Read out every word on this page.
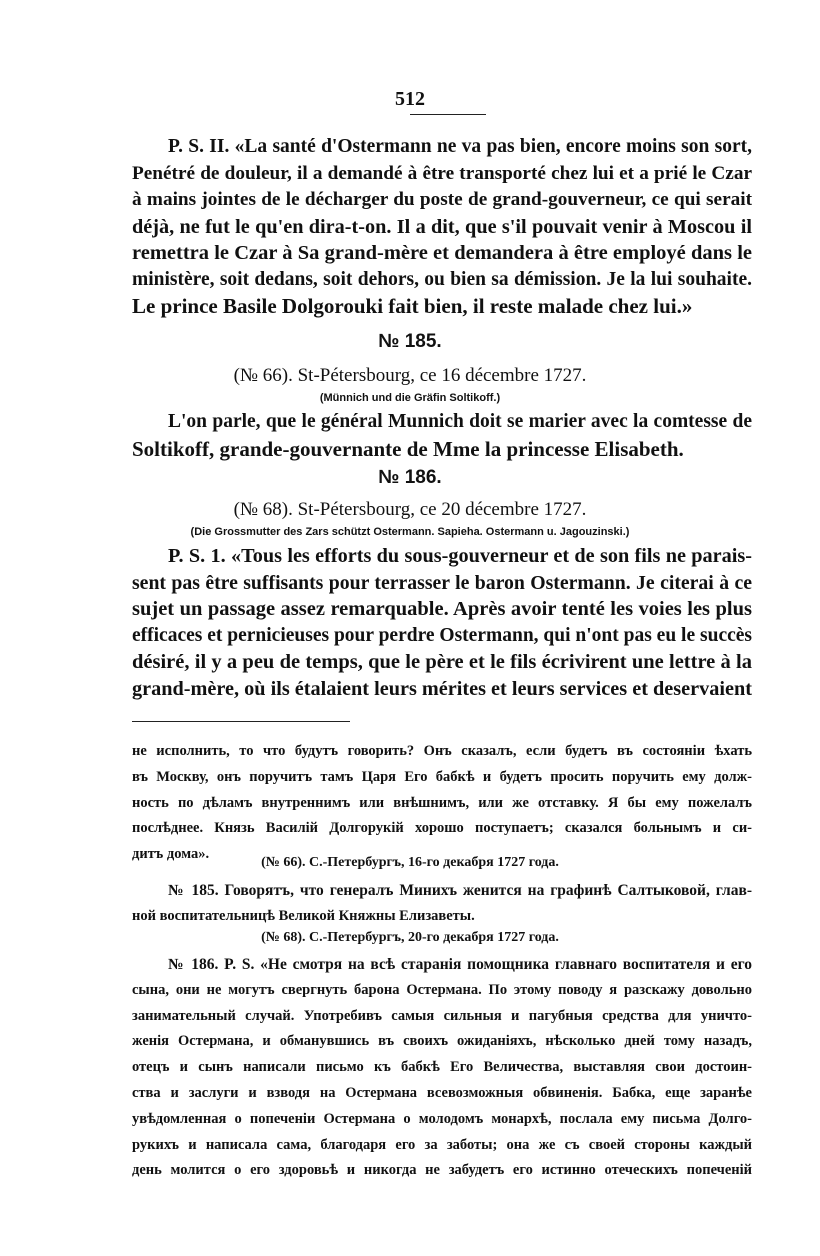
512
P. S. II. «La santé d'Ostermann ne va pas bien, encore moins son sort,
Penétré de douleur, il a demandé à être transporté chez lui et a prié le Czar
à mains jointes de le décharger du poste de grand-gouverneur, ce qui serait
déjà, ne fut le qu'en dira-t-on. Il a dit, que s'il pouvait venir à Moscou il
remettra le Czar à Sa grand-mère et demandera à être employé dans le
ministère, soit dedans, soit dehors, ou bien sa démission. Je la lui souhaite.
Le prince Basile Dolgorouki fait bien, il reste malade chez lui.»
№ 185.
(№ 66). St-Pétersbourg, ce 16 décembre 1727.
(Münnich und die Gräfin Soltikoff.)
L'on parle, que le général Munnich doit se marier avec la comtesse de
Soltikoff, grande-gouvernante de Mme la princesse Elisabeth.
№ 186.
(№ 68). St-Pétersbourg, ce 20 décembre 1727.
(Die Grossmutter des Zars schützt Ostermann. Sapieha. Ostermann u. Jagouzinski.)
P. S. 1. «Tous les efforts du sous-gouverneur et de son fils ne parais-
sent pas être suffisants pour terrasser le baron Ostermann. Je citerai à ce
sujet un passage assez remarquable. Après avoir tenté les voies les plus
efficaces et pernicieuses pour perdre Ostermann, qui n'ont pas eu le succès
désiré, il y a peu de temps, que le père et le fils écrivirent une lettre à la
grand-mère, où ils étalaient leurs mérites et leurs services et deservaient
не исполнить, то что будутъ говорить? Онъ сказалъ, если будетъ въ состояніи ѣхать
въ Москву, онъ поручитъ тамъ Царя Его бабкѣ и будетъ просить поручить ему долж-
ность по дѣламъ внутреннимъ или внѣшнимъ, или же отставку. Я бы ему пожелалъ
послѣднее. Князь Василій Долгорукій хорошо поступаетъ; сказался больнымъ и си-
дитъ дома».
(№ 66). С.-Петербургъ, 16-го декабря 1727 года.
№ 185. Говорятъ, что генералъ Минихъ женится на графинѣ Салтыковой, глав-
ной воспитательницѣ Великой Княжны Елизаветы.
(№ 68). С.-Петербургъ, 20-го декабря 1727 года.
№ 186. P. S. «Не смотря на всѣ старанія помощника главнаго воспитателя и его
сына, они не могутъ свергнуть барона Остермана. По этому поводу я разскажу довольно
занимательный случай. Употребивъ самыя сильныя и пагубныя средства для уничто-
женія Остермана, и обманувшись въ своихъ ожиданіяхъ, нѣсколько дней тому назадъ,
отецъ и сынъ написали письмо къ бабкѣ Его Величества, выставляя свои достоин-
ства и заслуги и взводя на Остермана всевозможныя обвиненія. Бабка, еще заранѣе
увѣдомленная о попеченіи Остермана о молодомъ монархѣ, послала ему письма Долго-
рукихъ и написала сама, благодаря его за заботы; она же съ своей стороны каждый
день молится о его здоровьѣ и никогда не забудетъ его истинно отеческихъ попеченій
